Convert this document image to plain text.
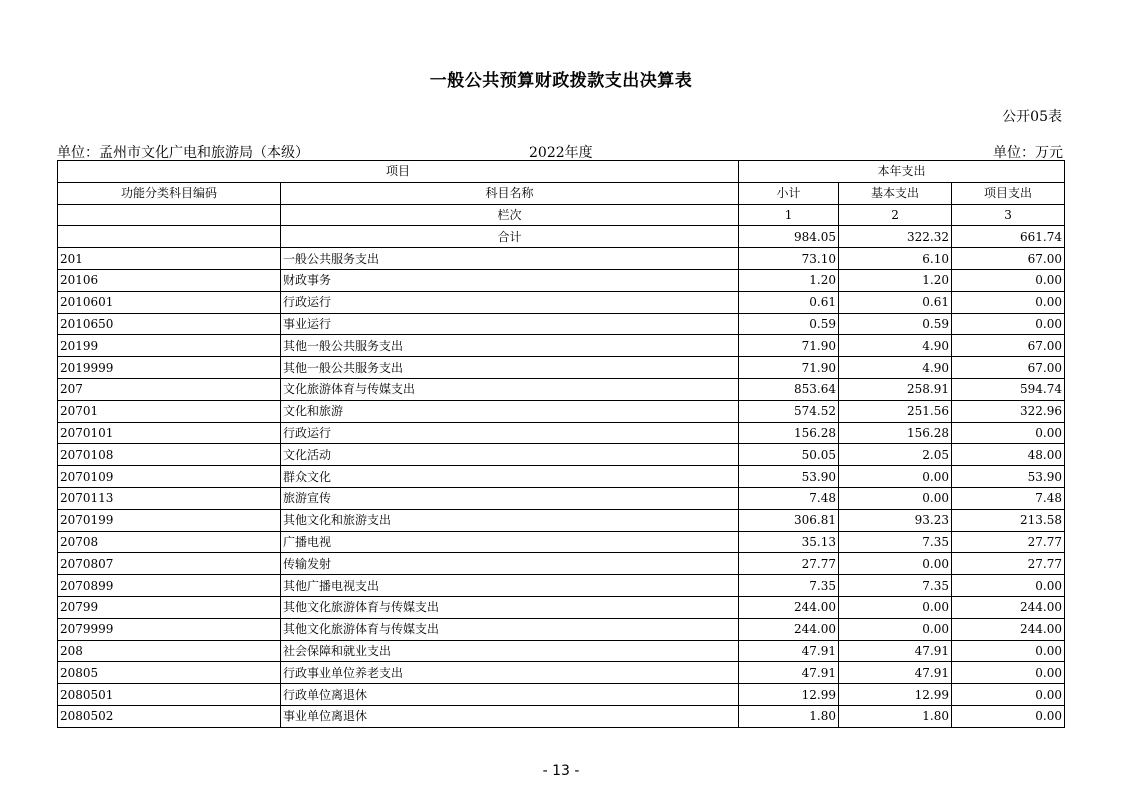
一般公共预算财政拨款支出决算表
公开05表
单位：孟州市文化广电和旅游局（本级）	2022年度	单位：万元
项目		本年支出		
功能分类科目编码	科目名称	小计	基本支出	项目支出
	栏次	1	2	3
	合计	984.05	322.32	661.74
201	一般公共服务支出	73.10	6.10	67.00
20106	财政事务	1.20	1.20	0.00
2010601	行政运行	0.61	0.61	0.00
2010650	事业运行	0.59	0.59	0.00
20199	其他一般公共服务支出	71.90	4.90	67.00
2019999	其他一般公共服务支出	71.90	4.90	67.00
207	文化旅游体育与传媒支出	853.64	258.91	594.74
20701	文化和旅游	574.52	251.56	322.96
2070101	行政运行	156.28	156.28	0.00
2070108	文化活动	50.05	2.05	48.00
2070109	群众文化	53.90	0.00	53.90
2070113	旅游宣传	7.48	0.00	7.48
2070199	其他文化和旅游支出	306.81	93.23	213.58
20708	广播电视	35.13	7.35	27.77
2070807	传输发射	27.77	0.00	27.77
2070899	其他广播电视支出	7.35	7.35	0.00
20799	其他文化旅游体育与传媒支出	244.00	0.00	244.00
2079999	其他文化旅游体育与传媒支出	244.00	0.00	244.00
208	社会保障和就业支出	47.91	47.91	0.00
20805	行政事业单位养老支出	47.91	47.91	0.00
2080501	行政单位离退休	12.99	12.99	0.00
2080502	事业单位离退休	1.80	1.80	0.00
- 13 -
